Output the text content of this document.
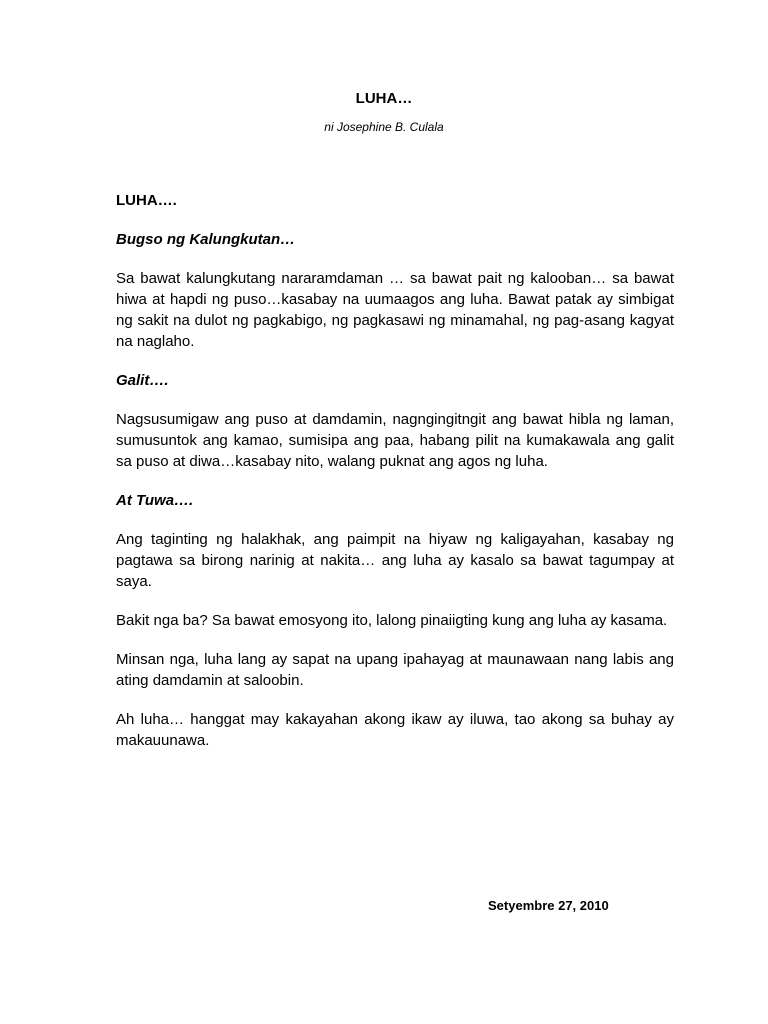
LUHA…

ni Josephine B. Culala

LUHA….

Bugso ng Kalungkutan…

Sa bawat kalungkutang nararamdaman … sa bawat pait ng kalooban… sa bawat hiwa at hapdi ng puso…kasabay na uumaagos ang luha. Bawat patak ay simbigat ng sakit na dulot ng pagkabigo, ng pagkasawi ng minamahal, ng pag-asang kagyat na naglaho.

Galit….

Nagsusumigaw ang puso at damdamin, nagngingitngit ang bawat hibla ng laman, sumusuntok ang kamao, sumisipa ang paa, habang pilit na kumakawala ang galit sa puso at diwa…kasabay nito, walang puknat ang agos ng luha.

At Tuwa….

Ang taginting ng halakhak, ang paimpit na hiyaw ng kaligayahan, kasabay ng pagtawa sa birong narinig at nakita… ang luha ay kasalo sa bawat tagumpay at saya.

Bakit nga ba? Sa bawat emosyong ito, lalong pinaiigting kung ang luha ay kasama.

Minsan nga, luha lang ay sapat na upang ipahayag at maunawaan nang labis ang ating damdamin at saloobin.

Ah luha… hanggat may kakayahan akong ikaw ay iluwa, tao akong sa buhay ay makauunawa.

Setyembre 27, 2010
